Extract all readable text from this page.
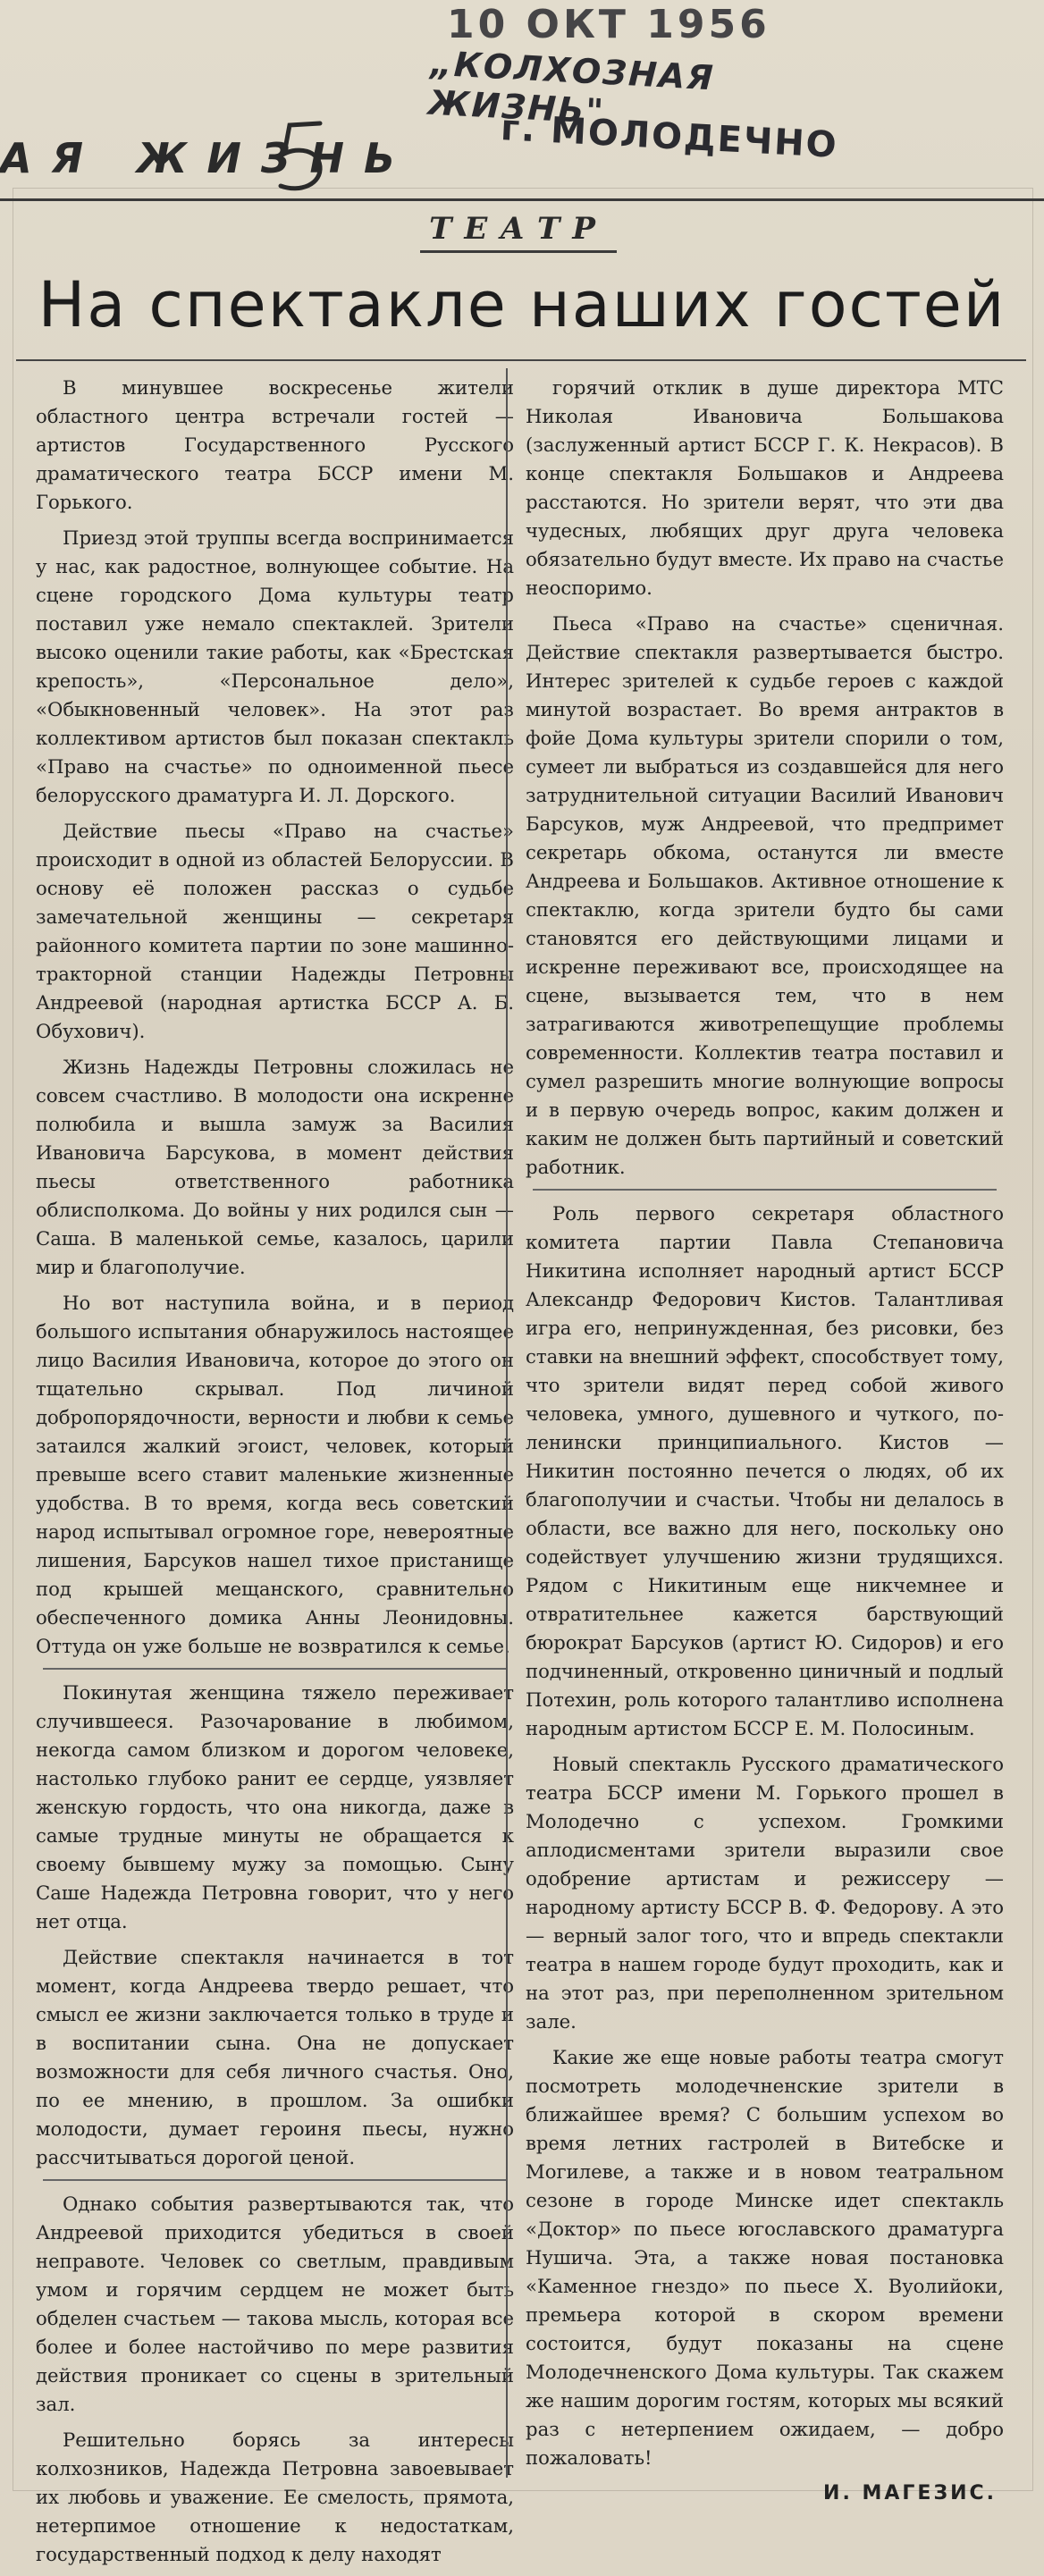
10 ОКТ 1956
„КОЛХОЗНАЯ ЖИЗНЬ"
г. МОЛОДЕЧНО
АЯ ЖИЗНЬ
ТЕАТР
На спектакле наших гостей

В минувшее воскресенье жители областного центра встречали гостей — артистов Государственного Русского драматического театра БССР имени М. Горького.

Приезд этой труппы всегда воспринимается у нас, как радостное, волнующее событие. На сцене городского Дома культуры театр поставил уже немало спектаклей. Зрители высоко оценили такие работы, как «Брестская крепость», «Персональное дело», «Обыкновенный человек». На этот раз коллективом артистов был показан спектакль «Право на счастье» по одноименной пьесе белорусского драматурга И. Л. Дорского.

Действие пьесы «Право на счастье» происходит в одной из областей Белоруссии. В основу её положен рассказ о судьбе замечательной женщины — секретаря районного комитета партии по зоне машинно-тракторной станции Надежды Петровны Андреевой (народная артистка БССР А. Б. Обухович).

Жизнь Надежды Петровны сложилась не совсем счастливо. В молодости она искренне полюбила и вышла замуж за Василия Ивановича Барсукова, в момент действия пьесы ответственного работника облисполкома. До войны у них родился сын — Саша. В маленькой семье, казалось, царили мир и благополучие.

Но вот наступила война, и в период большого испытания обнаружилось настоящее лицо Василия Ивановича, которое до этого он тщательно скрывал. Под личиной добропорядочности, верности и любви к семье затаился жалкий эгоист, человек, который превыше всего ставит маленькие жизненные удобства. В то время, когда весь советский народ испытывал огромное горе, невероятные лишения, Барсуков нашел тихое пристанище под крышей мещанского, сравнительно обеспеченного домика Анны Леонидовны. Оттуда он уже больше не возвратился к семье.

Покинутая женщина тяжело переживает случившееся. Разочарование в любимом, некогда самом близком и дорогом человеке, настолько глубоко ранит ее сердце, уязвляет женскую гордость, что она никогда, даже в самые трудные минуты не обращается к своему бывшему мужу за помощью. Сыну Саше Надежда Петровна говорит, что у него нет отца.

Действие спектакля начинается в тот момент, когда Андреева твердо решает, что смысл ее жизни заключается только в труде и в воспитании сына. Она не допускает возможности для себя личного счастья. Оно, по ее мнению, в прошлом. За ошибки молодости, думает героиня пьесы, нужно рассчитываться дорогой ценой.

Однако события развертываются так, что Андреевой приходится убедиться в своей неправоте. Человек со светлым, правдивым умом и горячим сердцем не может быть обделен счастьем — такова мысль, которая все более и более настойчиво по мере развития действия проникает со сцены в зрительный зал.

Решительно борясь за интересы колхозников, Надежда Петровна завоевывает их любовь и уважение. Ее смелость, прямота, нетерпимое отношение к недостаткам, государственный подход к делу находят

горячий отклик в душе директора МТС Николая Ивановича Большакова (заслуженный артист БССР Г. К. Некрасов). В конце спектакля Большаков и Андреева расстаются. Но зрители верят, что эти два чудесных, любящих друг друга человека обязательно будут вместе. Их право на счастье неоспоримо.

Пьеса «Право на счастье» сценичная. Действие спектакля развертывается быстро. Интерес зрителей к судьбе героев с каждой минутой возрастает. Во время антрактов в фойе Дома культуры зрители спорили о том, сумеет ли выбраться из создавшейся для него затруднительной ситуации Василий Иванович Барсуков, муж Андреевой, что предпримет секретарь обкома, останутся ли вместе Андреева и Большаков. Активное отношение к спектаклю, когда зрители будто бы сами становятся его действующими лицами и искренне переживают все, происходящее на сцене, вызывается тем, что в нем затрагиваются животрепещущие проблемы современности. Коллектив театра поставил и сумел разрешить многие волнующие вопросы и в первую очередь вопрос, каким должен и каким не должен быть партийный и советский работник.

Роль первого секретаря областного комитета партии Павла Степановича Никитина исполняет народный артист БССР Александр Федорович Кистов. Талантливая игра его, непринужденная, без рисовки, без ставки на внешний эффект, способствует тому, что зрители видят перед собой живого человека, умного, душевного и чуткого, по-ленински принципиального. Кистов — Никитин постоянно печется о людях, об их благополучии и счастьи. Чтобы ни делалось в области, все важно для него, поскольку оно содействует улучшению жизни трудящихся. Рядом с Никитиным еще никчемнее и отвратительнее кажется барствующий бюрократ Барсуков (артист Ю. Сидоров) и его подчиненный, откровенно циничный и подлый Потехин, роль которого талантливо исполнена народным артистом БССР Е. М. Полосиным.

Новый спектакль Русского драматического театра БССР имени М. Горького прошел в Молодечно с успехом. Громкими аплодисментами зрители выразили свое одобрение артистам и режиссеру — народному артисту БССР В. Ф. Федорову. А это — верный залог того, что и впредь спектакли театра в нашем городе будут проходить, как и на этот раз, при переполненном зрительном зале.

Какие же еще новые работы театра смогут посмотреть молодечненские зрители в ближайшее время? С большим успехом во время летних гастролей в Витебске и Могилеве, а также и в новом театральном сезоне в городе Минске идет спектакль «Доктор» по пьесе югославского драматурга Нушича. Эта, а также новая постановка «Каменное гнездо» по пьесе Х. Вуолийоки, премьера которой в скором времени состоится, будут показаны на сцене Молодечненского Дома культуры. Так скажем же нашим дорогим гостям, которых мы всякий раз с нетерпением ожидаем, — добро пожаловать!

И. МАГЕЗИС.
